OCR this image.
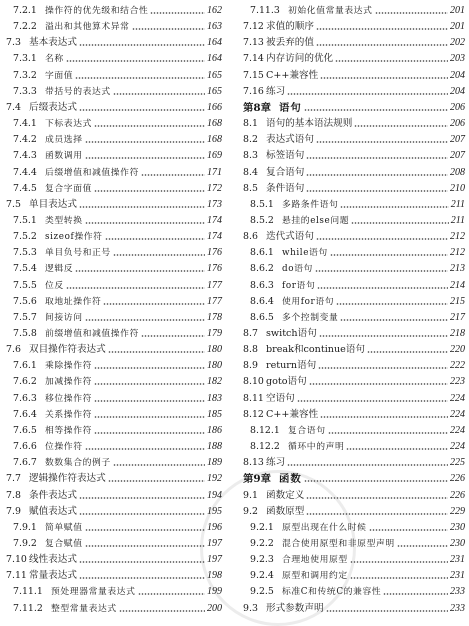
7.2.1 操作符的优先级和结合性	162
7.2.2 溢出和其他算术异常	163
7.3 基本表达式	164
7.3.1 名称	164
7.3.2 字面值	165
7.3.3 带括号的表达式	165
7.4 后缀表达式	166
7.4.1 下标表达式	168
7.4.2 成员选择	168
7.4.3 函数调用	169
7.4.4 后缀增值和减值操作符	171
7.4.5 复合字面值	172
7.5 单目表达式	173
7.5.1 类型转换	174
7.5.2 sizeof操作符	174
7.5.3 单目负号和正号	176
7.5.4 逻辑反	176
7.5.5 位反	177
7.5.6 取地址操作符	177
7.5.7 间接访问	178
7.5.8 前缀增值和减值操作符	179
7.6 双目操作符表达式	180
7.6.1 乘除操作符	180
7.6.2 加减操作符	182
7.6.3 移位操作符	183
7.6.4 关系操作符	185
7.6.5 相等操作符	186
7.6.6 位操作符	188
7.6.7 数数集合的例子	189
7.7 逻辑操作符表达式	192
7.8 条件表达式	194
7.9 赋值表达式	195
7.9.1 简单赋值	196
7.9.2 复合赋值	197
7.10 线性表达式	197
7.11 常量表达式	198
7.11.1 预处理器常量表达式	199
7.11.2 整型常量表达式	200
7.11.3 初始化值常量表达式	201
7.12 求值的顺序	201
7.13 被丢弃的值	202
7.14 内存访问的优化	203
7.15 C++兼容性	204
7.16 练习	204
第8章 语句	206
8.1 语句的基本语法规则	206
8.2 表达式语句	207
8.3 标签语句	207
8.4 复合语句	208
8.5 条件语句	210
8.5.1 多路条件语句	211
8.5.2 悬挂的else问题	211
8.6 迭代式语句	212
8.6.1 while语句	212
8.6.2 do语句	213
8.6.3 for语句	214
8.6.4 使用for语句	215
8.6.5 多个控制变量	217
8.7 switch语句	218
8.8 break和continue语句	220
8.9 return语句	222
8.10 goto语句	223
8.11 空语句	224
8.12 C++兼容性	224
8.12.1 复合语句	224
8.12.2 循环中的声明	224
8.13 练习	225
第9章 函数	226
9.1 函数定义	226
9.2 函数原型	229
9.2.1 原型出现在什么时候	230
9.2.2 混合使用原型和非原型声明	230
9.2.3 合理地使用原型	231
9.2.4 原型和调用约定	231
9.2.5 标准C和传统C的兼容性	233
9.3 形式参数声明	233
